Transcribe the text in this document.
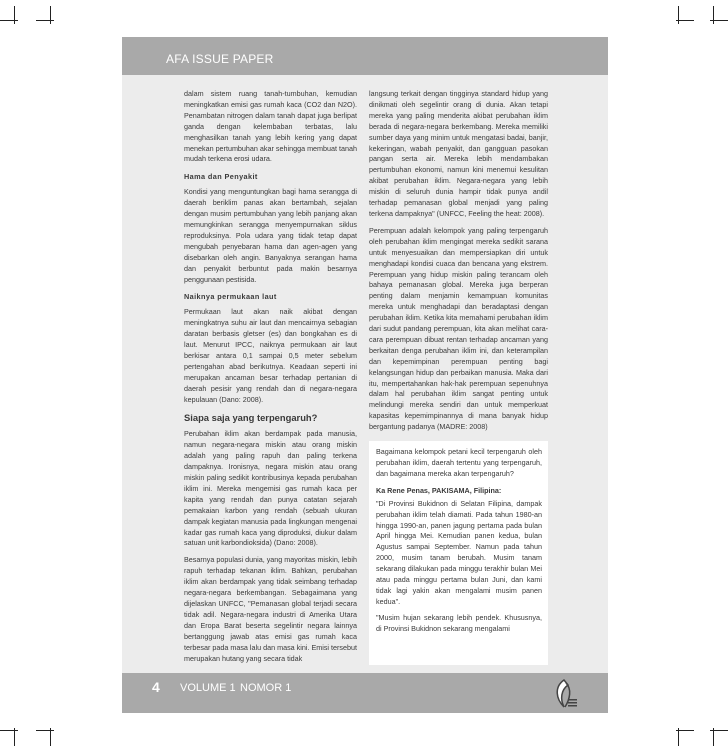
AFA ISSUE PAPER

dalam sistem ruang tanah-tumbuhan, kemudian meningkatkan emisi gas rumah kaca (CO2 dan N2O). Penambatan nitrogen dalam tanah dapat juga berlipat ganda dengan kelembaban terbatas, lalu menghasilkan tanah yang lebih kering yang dapat menekan pertumbuhan akar sehingga membuat tanah mudah terkena erosi udara.

Hama dan Penyakit

Kondisi yang menguntungkan bagi hama serangga di daerah beriklim panas akan bertambah, sejalan dengan musim pertumbuhan yang lebih panjang akan memungkinkan serangga menyempurnakan siklus reproduksinya. Pola udara yang tidak tetap dapat mengubah penyebaran hama dan agen-agen yang disebarkan oleh angin. Banyaknya serangan hama dan penyakit berbuntut pada makin besarnya penggunaan pestisida.

Naiknya permukaan laut

Permukaan laut akan naik akibat dengan meningkatnya suhu air laut dan mencairnya sebagian daratan berbasis gletser (es) dan bongkahan es di laut. Menurut IPCC, naiknya permukaan air laut berkisar antara 0,1 sampai 0,5 meter sebelum pertengahan abad berikutnya. Keadaan seperti ini merupakan ancaman besar terhadap pertanian di daerah pesisir yang rendah dan di negara-negara kepulauan (Dano: 2008).

Siapa saja yang terpengaruh?

Perubahan iklim akan berdampak pada manusia, namun negara-negara miskin atau orang miskin adalah yang paling rapuh dan paling terkena dampaknya. Ironisnya, negara miskin atau orang miskin paling sedikit kontribusinya kepada perubahan iklim ini. Mereka mengemisi gas rumah kaca per kapita yang rendah dan punya catatan sejarah pemakaian karbon yang rendah (sebuah ukuran dampak kegiatan manusia pada lingkungan mengenai kadar gas rumah kaca yang diproduksi, diukur dalam satuan unit karbondioksida) (Dano: 2008).

Besarnya populasi dunia, yang mayoritas miskin, lebih rapuh terhadap tekanan iklim. Bahkan, perubahan iklim akan berdampak yang tidak seimbang terhadap negara-negara berkembangan. Sebagaimana yang dijelaskan UNFCC, "Pemanasan global terjadi secara tidak adil. Negara-negara industri di Amerika Utara dan Eropa Barat beserta segelintir negara lainnya bertanggung jawab atas emisi gas rumah kaca terbesar pada masa lalu dan masa kini. Emisi tersebut merupakan hutang yang secara tidak

langsung terkait dengan tingginya standard hidup yang dinikmati oleh segelintir orang di dunia. Akan tetapi mereka yang paling menderita akibat perubahan iklim berada di negara-negara berkembang. Mereka memiliki sumber daya yang minim untuk mengatasi badai, banjir, kekeringan, wabah penyakit, dan gangguan pasokan pangan serta air. Mereka lebih mendambakan pertumbuhan ekonomi, namun kini menemui kesulitan akibat perubahan iklim. Negara-negara yang lebih miskin di seluruh dunia hampir tidak punya andil terhadap pemanasan global menjadi yang paling terkena dampaknya" (UNFCC, Feeling the heat: 2008).

Perempuan adalah kelompok yang paling terpengaruh oleh perubahan iklim mengingat mereka sedikit sarana untuk menyesuaikan dan mempersiapkan diri untuk menghadapi kondisi cuaca dan bencana yang ekstrem. Perempuan yang hidup miskin paling terancam oleh bahaya pemanasan global. Mereka juga berperan penting dalam menjamin kemampuan komunitas mereka untuk menghadapi dan beradaptasi dengan perubahan iklim. Ketika kita memahami perubahan iklim dari sudut pandang perempuan, kita akan melihat cara-cara perempuan dibuat rentan terhadap ancaman yang berkaitan denga perubahan iklim ini, dan keterampilan dan kepemimpinan perempuan penting bagi kelangsungan hidup dan perbaikan manusia. Maka dari itu, mempertahankan hak-hak perempuan sepenuhnya dalam hal perubahan iklim sangat penting untuk melindungi mereka sendiri dan untuk memperkuat kapasitas kepemimpinannya di mana banyak hidup bergantung padanya (MADRE: 2008)

Bagaimana kelompok petani kecil terpengaruh oleh perubahan iklim, daerah tertentu yang terpengaruh, dan bagaimana mereka akan terpengaruh?

Ka Rene Penas, PAKISAMA, Filipina:

"Di Provinsi Bukidnon di Selatan Filipina, dampak perubahan iklim telah diamati. Pada tahun 1980-an hingga 1990-an, panen jagung pertama pada bulan April hingga Mei. Kemudian panen kedua, bulan Agustus sampai September. Namun pada tahun 2000, musim tanam berubah. Musim tanam sekarang dilakukan pada minggu terakhir bulan Mei atau pada minggu pertama bulan Juni, dan kami tidak lagi yakin akan mengalami musim panen kedua".

"Musim hujan sekarang lebih pendek. Khususnya, di Provinsi Bukidnon sekarang mengalami

4 VOLUME 1 NOMOR 1
